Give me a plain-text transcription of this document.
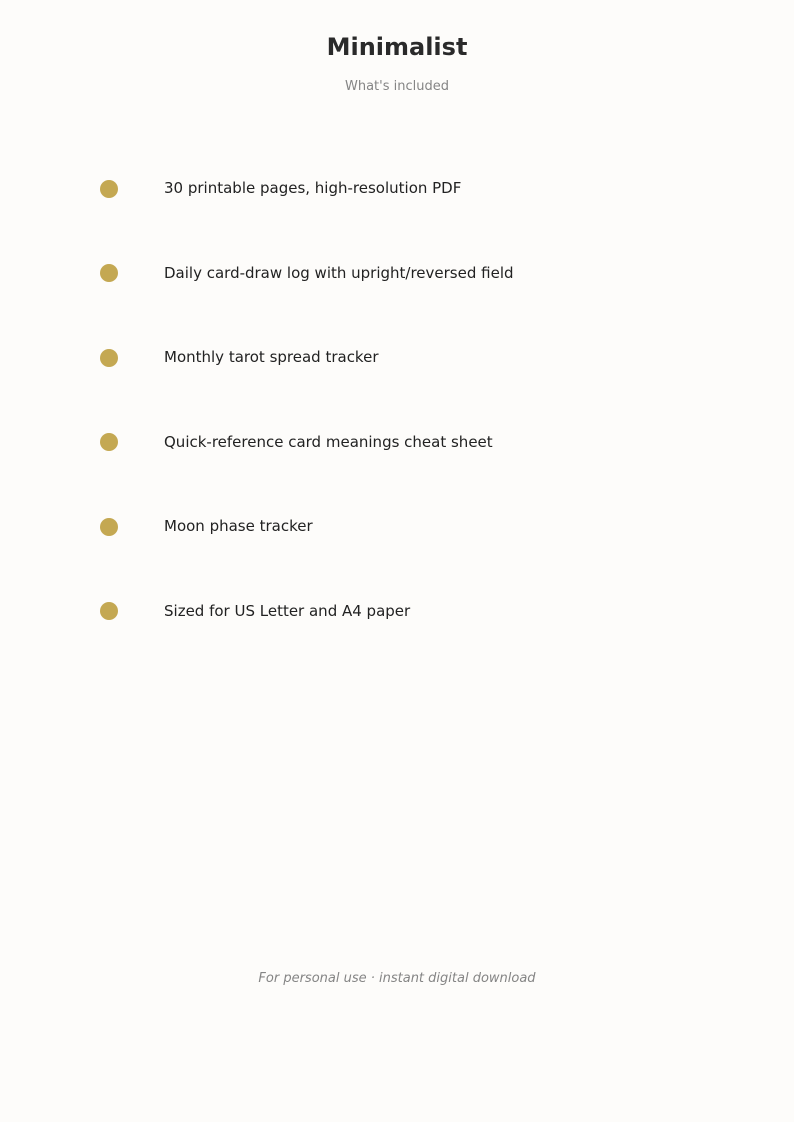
Minimalist
What's included
30 printable pages, high-resolution PDF
Daily card-draw log with upright/reversed field
Monthly tarot spread tracker
Quick-reference card meanings cheat sheet
Moon phase tracker
Sized for US Letter and A4 paper
For personal use · instant digital download
